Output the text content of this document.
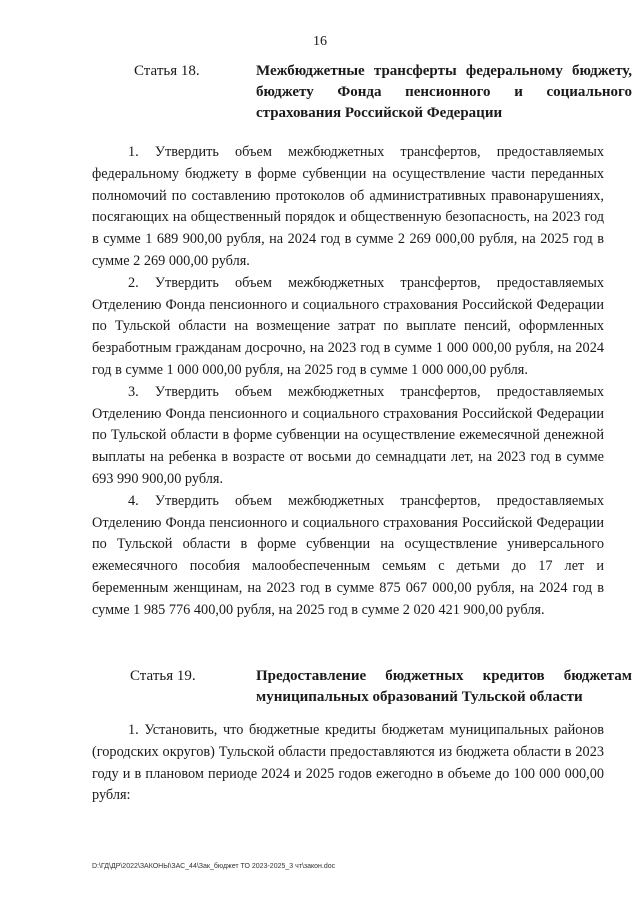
16
Статья 18.	Межбюджетные трансферты федеральному бюджету, бюджету Фонда пенсионного и социального страхования Российской Федерации

1. Утвердить объем межбюджетных трансфертов, предоставляемых федеральному бюджету в форме субвенции на осуществление части переданных полномочий по составлению протоколов об административных правонарушениях, посягающих на общественный порядок и общественную безопасность, на 2023 год в сумме 1 689 900,00 рубля, на 2024 год в сумме 2 269 000,00 рубля, на 2025 год в сумме 2 269 000,00 рубля.

2. Утвердить объем межбюджетных трансфертов, предоставляемых Отделению Фонда пенсионного и социального страхования Российской Федерации по Тульской области на возмещение затрат по выплате пенсий, оформленных безработным гражданам досрочно, на 2023 год в сумме 1 000 000,00 рубля, на 2024 год в сумме 1 000 000,00 рубля, на 2025 год в сумме 1 000 000,00 рубля.

3. Утвердить объем межбюджетных трансфертов, предоставляемых Отделению Фонда пенсионного и социального страхования Российской Федерации по Тульской области в форме субвенции на осуществление ежемесячной денежной выплаты на ребенка в возрасте от восьми до семнадцати лет, на 2023 год в сумме 693 990 900,00 рубля.

4. Утвердить объем межбюджетных трансфертов, предоставляемых Отделению Фонда пенсионного и социального страхования Российской Федерации по Тульской области в форме субвенции на осуществление универсального ежемесячного пособия малообеспеченным семьям с детьми до 17 лет и беременным женщинам, на 2023 год в сумме 875 067 000,00 рубля, на 2024 год в сумме 1 985 776 400,00 рубля, на 2025 год в сумме 2 020 421 900,00 рубля.

Статья 19.	Предоставление бюджетных кредитов бюджетам муниципальных образований Тульской области

1. Установить, что бюджетные кредиты бюджетам муниципальных районов (городских округов) Тульской области предоставляются из бюджета области в 2023 году и в плановом периоде 2024 и 2025 годов ежегодно в объеме до 100 000 000,00 рубля:

D:\ГД\ДР\2022\ЗАКОНЫ\ЗАС_44\Зак_бюджет ТО 2023-2025_3 чт\закон.doc
